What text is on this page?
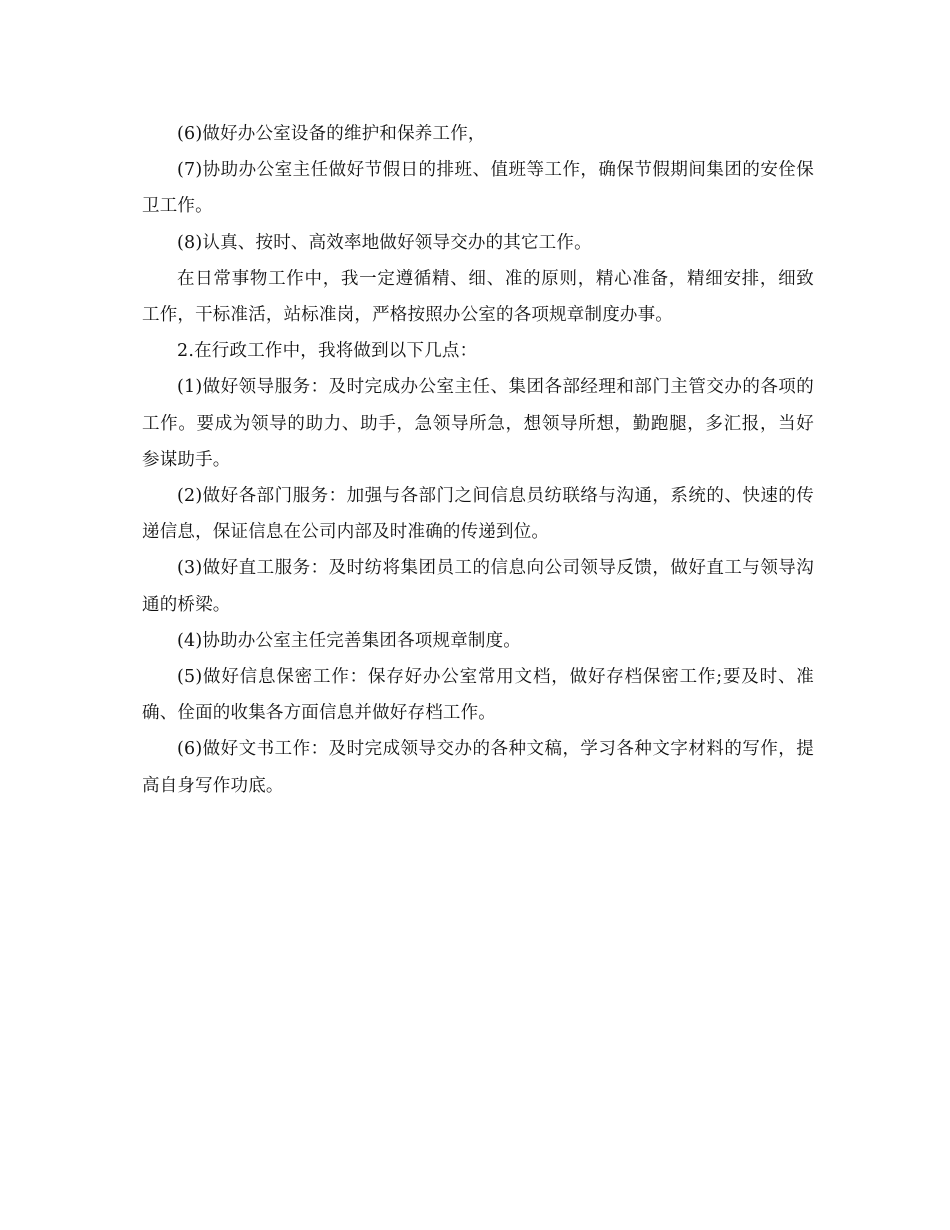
(6)做好办公室设备的维护和保养工作，

(7)协助办公室主任做好节假日的排班、值班等工作，确保节假期间集团的安佺保卫工作。

(8)认真、按时、高效率地做好领导交办的其它工作。

在日常事物工作中，我一定遵循精、细、准的原则，精心准备，精细安排，细致工作，干标准活，站标准岗，严格按照办公室的各项规章制度办事。

2.在行政工作中，我将做到以下几点：

(1)做好领导服务：及时完成办公室主任、集团各部经理和部门主管交办的各项的工作。要成为领导的助力、助手，急领导所急，想领导所想，勤跑腿，多汇报，当好参谋助手。

(2)做好各部门服务：加强与各部门之间信息员纺联络与沟通，系统的、快速的传递信息，保证信息在公司内部及时准确的传递到位。

(3)做好直工服务：及时纺将集团员工的信息向公司领导反馈，做好直工与领导沟通的桥梁。

(4)协助办公室主任完善集团各项规章制度。

(5)做好信息保密工作：保存好办公室常用文档，做好存档保密工作;要及时、准确、佺面的收集各方面信息并做好存档工作。

(6)做好文书工作：及时完成领导交办的各种文稿，学习各种文字材料的写作，提高自身写作功底。
